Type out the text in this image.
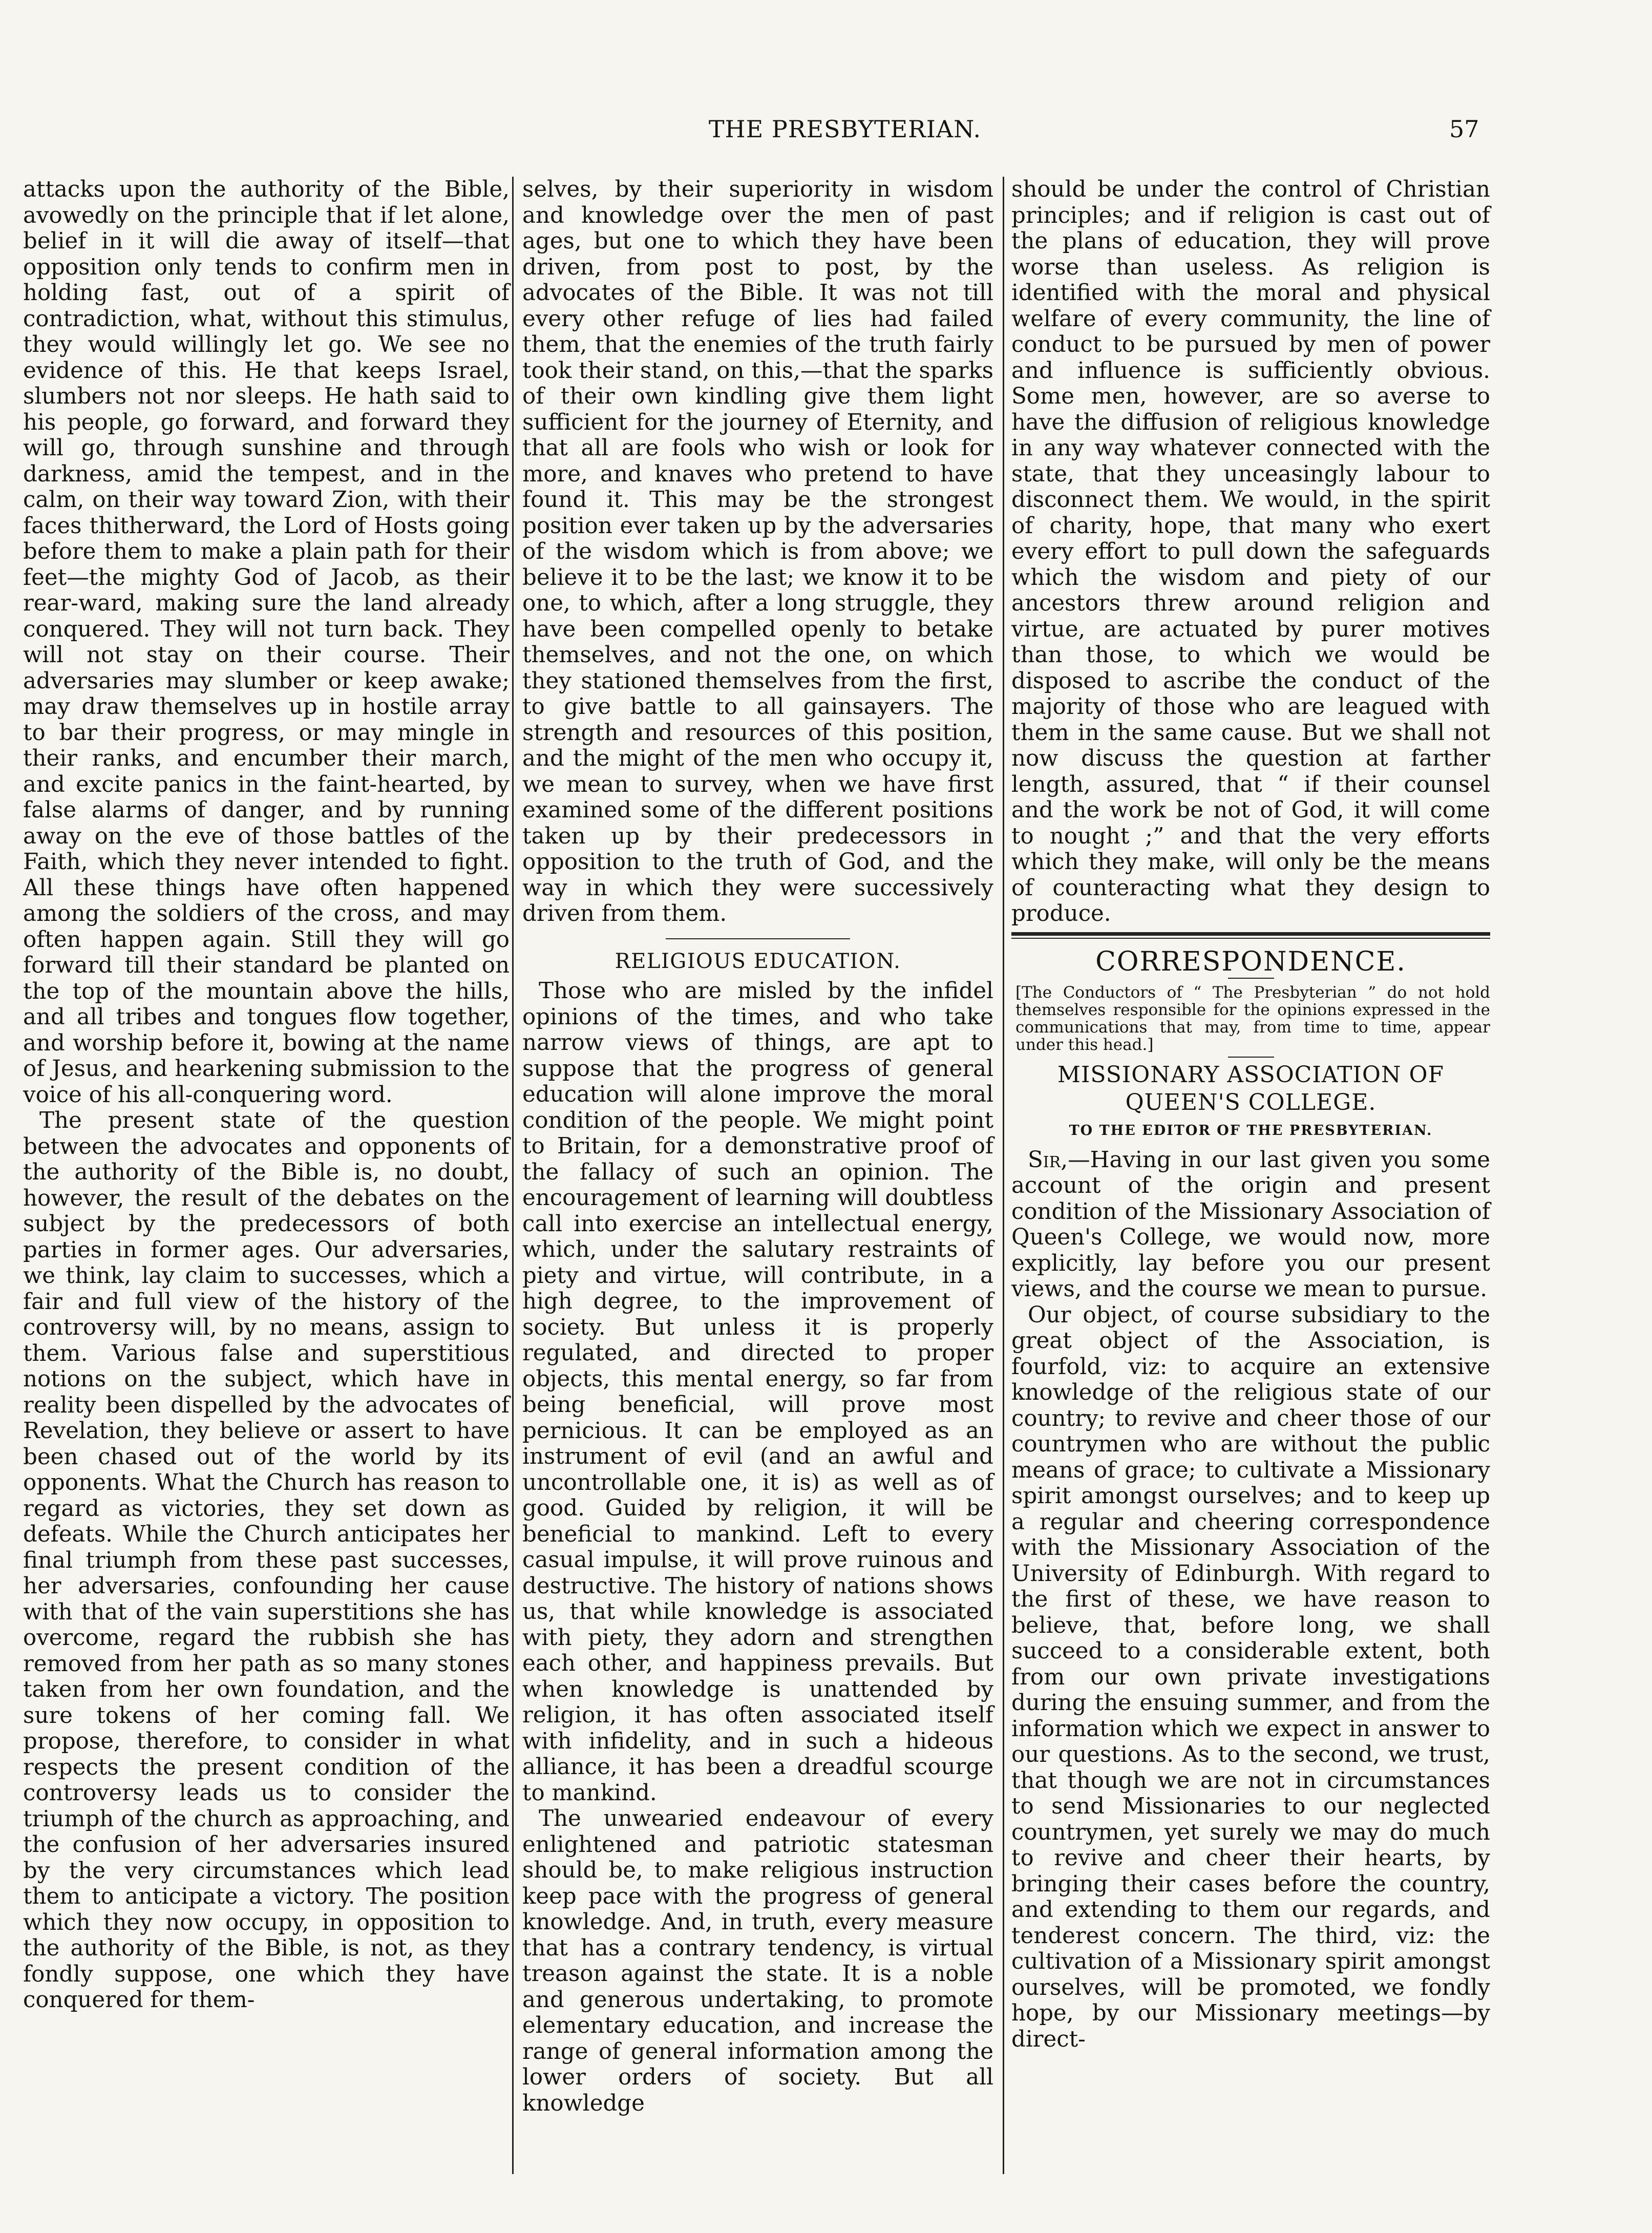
THE PRESBYTERIAN.	57

attacks upon the authority of the Bible, avowedly on the principle that if let alone, belief in it will die away of itself—that opposition only tends to confirm men in holding fast, out of a spirit of contradiction, what, without this stimulus, they would willingly let go. We see no evidence of this. He that keeps Israel, slumbers not nor sleeps. He hath said to his people, go forward, and forward they will go, through sunshine and through darkness, amid the tempest, and in the calm, on their way toward Zion, with their faces thitherward, the Lord of Hosts going before them to make a plain path for their feet—the mighty God of Jacob, as their rear-ward, making sure the land already conquered. They will not turn back. They will not stay on their course. Their adversaries may slumber or keep awake; may draw themselves up in hostile array to bar their progress, or may mingle in their ranks, and encumber their march, and excite panics in the faint-hearted, by false alarms of danger, and by running away on the eve of those battles of the Faith, which they never intended to fight. All these things have often happened among the soldiers of the cross, and may often happen again. Still they will go forward till their standard be planted on the top of the mountain above the hills, and all tribes and tongues flow together, and worship before it, bowing at the name of Jesus, and hearkening submission to the voice of his all-conquering word.

The present state of the question between the advocates and opponents of the authority of the Bible is, no doubt, however, the result of the debates on the subject by the predecessors of both parties in former ages. Our adversaries, we think, lay claim to successes, which a fair and full view of the history of the controversy will, by no means, assign to them. Various false and superstitious notions on the subject, which have in reality been dispelled by the advocates of Revelation, they believe or assert to have been chased out of the world by its opponents. What the Church has reason to regard as victories, they set down as defeats. While the Church anticipates her final triumph from these past successes, her adversaries, confounding her cause with that of the vain superstitions she has overcome, regard the rubbish she has removed from her path as so many stones taken from her own foundation, and the sure tokens of her coming fall. We propose, therefore, to consider in what respects the present condition of the controversy leads us to consider the triumph of the church as approaching, and the confusion of her adversaries insured by the very circumstances which lead them to anticipate a victory. The position which they now occupy, in opposition to the authority of the Bible, is not, as they fondly suppose, one which they have conquered for them-

selves, by their superiority in wisdom and knowledge over the men of past ages, but one to which they have been driven, from post to post, by the advocates of the Bible. It was not till every other refuge of lies had failed them, that the enemies of the truth fairly took their stand, on this,—that the sparks of their own kindling give them light sufficient for the journey of Eternity, and that all are fools who wish or look for more, and knaves who pretend to have found it. This may be the strongest position ever taken up by the adversaries of the wisdom which is from above; we believe it to be the last; we know it to be one, to which, after a long struggle, they have been compelled openly to betake themselves, and not the one, on which they stationed themselves from the first, to give battle to all gainsayers. The strength and resources of this position, and the might of the men who occupy it, we mean to survey, when we have first examined some of the different positions taken up by their predecessors in opposition to the truth of God, and the way in which they were successively driven from them.

RELIGIOUS EDUCATION.

Those who are misled by the infidel opinions of the times, and who take narrow views of things, are apt to suppose that the progress of general education will alone improve the moral condition of the people. We might point to Britain, for a demonstrative proof of the fallacy of such an opinion. The encouragement of learning will doubtless call into exercise an intellectual energy, which, under the salutary restraints of piety and virtue, will contribute, in a high degree, to the improvement of society. But unless it is properly regulated, and directed to proper objects, this mental energy, so far from being beneficial, will prove most pernicious. It can be employed as an instrument of evil (and an awful and uncontrollable one, it is) as well as of good. Guided by religion, it will be beneficial to mankind. Left to every casual impulse, it will prove ruinous and destructive. The history of nations shows us, that while knowledge is associated with piety, they adorn and strengthen each other, and happiness prevails. But when knowledge is unattended by religion, it has often associated itself with infidelity, and in such a hideous alliance, it has been a dreadful scourge to mankind.

The unwearied endeavour of every enlightened and patriotic statesman should be, to make religious instruction keep pace with the progress of general knowledge. And, in truth, every measure that has a contrary tendency, is virtual treason against the state. It is a noble and generous undertaking, to promote elementary education, and increase the range of general information among the lower orders of society. But all knowledge

should be under the control of Christian principles; and if religion is cast out of the plans of education, they will prove worse than useless. As religion is identified with the moral and physical welfare of every community, the line of conduct to be pursued by men of power and influence is sufficiently obvious. Some men, however, are so averse to have the diffusion of religious knowledge in any way whatever connected with the state, that they unceasingly labour to disconnect them. We would, in the spirit of charity, hope, that many who exert every effort to pull down the safeguards which the wisdom and piety of our ancestors threw around religion and virtue, are actuated by purer motives than those, to which we would be disposed to ascribe the conduct of the majority of those who are leagued with them in the same cause. But we shall not now discuss the question at farther length, assured, that “ if their counsel and the work be not of God, it will come to nought ;” and that the very efforts which they make, will only be the means of counteracting what they design to produce.

CORRESPONDENCE.

[The Conductors of “ The Presbyterian ” do not hold themselves responsible for the opinions expressed in the communications that may, from time to time, appear under this head.]

MISSIONARY ASSOCIATION OF
QUEEN'S COLLEGE.
TO THE EDITOR OF THE PRESBYTERIAN.

Sir,—Having in our last given you some account of the origin and present condition of the Missionary Association of Queen's College, we would now, more explicitly, lay before you our present views, and the course we mean to pursue.

Our object, of course subsidiary to the great object of the Association, is fourfold, viz: to acquire an extensive knowledge of the religious state of our country; to revive and cheer those of our countrymen who are without the public means of grace; to cultivate a Missionary spirit amongst ourselves; and to keep up a regular and cheering correspondence with the Missionary Association of the University of Edinburgh. With regard to the first of these, we have reason to believe, that, before long, we shall succeed to a considerable extent, both from our own private investigations during the ensuing summer, and from the information which we expect in answer to our questions. As to the second, we trust, that though we are not in circumstances to send Missionaries to our neglected countrymen, yet surely we may do much to revive and cheer their hearts, by bringing their cases before the country, and extending to them our regards, and tenderest concern. The third, viz: the cultivation of a Missionary spirit amongst ourselves, will be promoted, we fondly hope, by our Missionary meetings—by direct-
